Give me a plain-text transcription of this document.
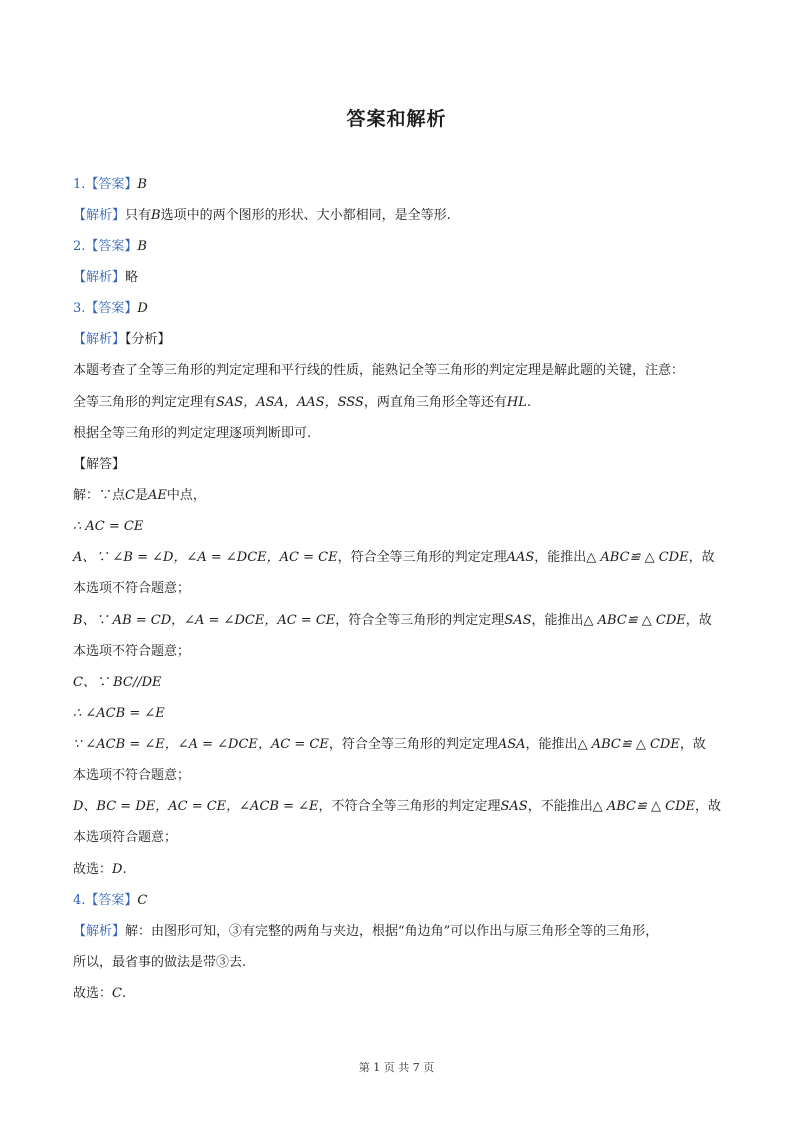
答案和解析
1.【答案】B
【解析】只有B选项中的两个图形的形状、大小都相同，是全等形.
2.【答案】B
【解析】略
3.【答案】D
【解析】【分析】
本题考查了全等三角形的判定定理和平行线的性质，能熟记全等三角形的判定定理是解此题的关键，注意：
全等三角形的判定定理有SAS，ASA，AAS，SSS，两直角三角形全等还有HL.
根据全等三角形的判定定理逐项判断即可.
【解答】
解：∵点C是AE中点，
∴ AC = CE
A、∵ ∠B = ∠D，∠A = ∠DCE，AC = CE，符合全等三角形的判定定理AAS，能推出△ ABC≌ △ CDE，故
本选项不符合题意；
B、∵ AB = CD，∠A = ∠DCE，AC = CE，符合全等三角形的判定定理SAS，能推出△ ABC≌ △ CDE，故
本选项不符合题意；
C、∵ BC//DE
∴ ∠ACB = ∠E
∵ ∠ACB = ∠E，∠A = ∠DCE，AC = CE，符合全等三角形的判定定理ASA，能推出△ ABC≌ △ CDE，故
本选项不符合题意；
D、BC = DE，AC = CE，∠ACB = ∠E，不符合全等三角形的判定定理SAS，不能推出△ ABC≌ △ CDE，故
本选项符合题意；
故选：D.
4.【答案】C
【解析】解：由图形可知，③有完整的两角与夹边，根据“角边角”可以作出与原三角形全等的三角形，
所以，最省事的做法是带③去.
故选：C.
第 1 页 共 7 页
